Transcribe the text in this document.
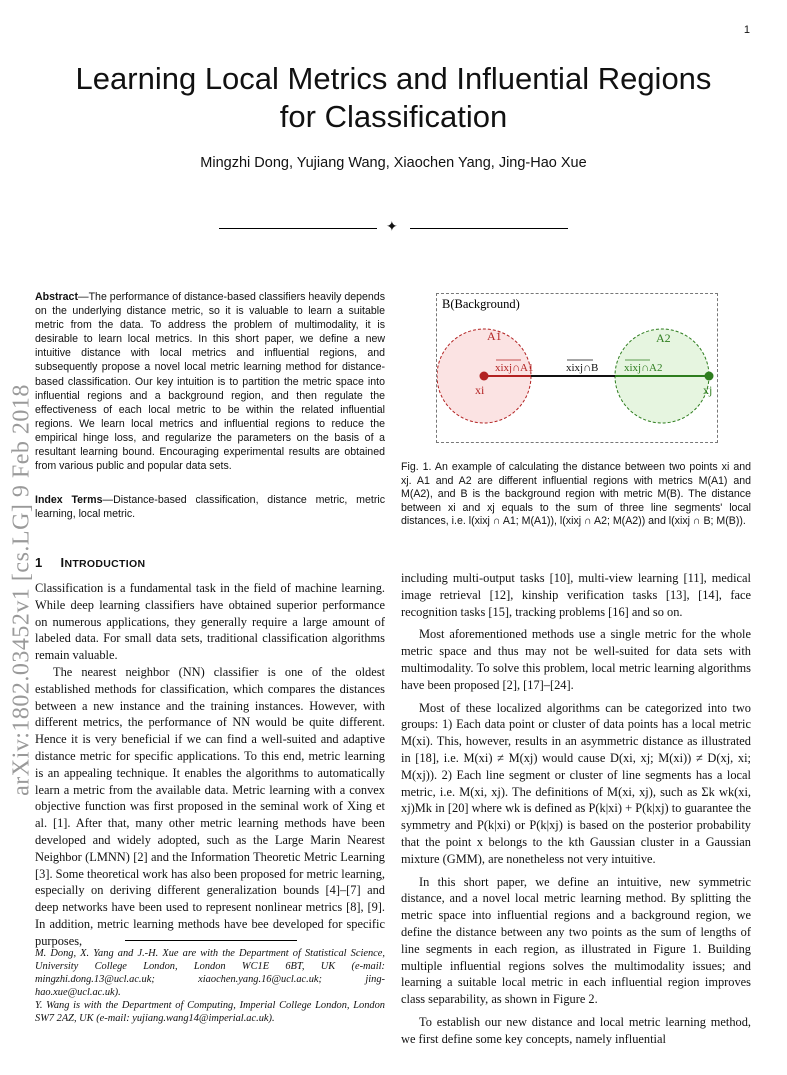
1
Learning Local Metrics and Influential Regions
for Classification
Mingzhi Dong, Yujiang Wang, Xiaochen Yang, Jing-Hao Xue
✦
arXiv:1802.03452v1 [cs.LG] 9 Feb 2018
Abstract—The performance of distance-based classifiers heavily depends on the underlying distance metric, so it is valuable to learn a suitable metric from the data. To address the problem of multimodality, it is desirable to learn local metrics. In this short paper, we define a new intuitive distance with local metrics and influential regions, and subsequently propose a novel local metric learning method for distance-based classification. Our key intuition is to partition the metric space into influential regions and a background region, and then regulate the effectiveness of each local metric to be within the related influential regions. We learn local metrics and influential regions to reduce the empirical hinge loss, and regularize the parameters on the basis of a resultant learning bound. Encouraging experimental results are obtained from various public and popular data sets.
Index Terms—Distance-based classification, distance metric, metric learning, local metric.
1 INTRODUCTION

Classification is a fundamental task in the field of machine learning. While deep learning classifiers have obtained superior performance on numerous applications, they generally require a large amount of labeled data. For small data sets, traditional classification algorithms remain valuable.

The nearest neighbor (NN) classifier is one of the oldest established methods for classification, which compares the distances between a new instance and the training instances. However, with different metrics, the performance of NN would be quite different. Hence it is very beneficial if we can find a well-suited and adaptive distance metric for specific applications. To this end, metric learning is an appealing technique. It enables the algorithms to automatically learn a metric from the available data. Metric learning with a convex objective function was first proposed in the seminal work of Xing et al. [1]. After that, many other metric learning methods have been developed and widely adopted, such as the Large Marin Nearest Neighbor (LMNN) [2] and the Information Theoretic Metric Learning [3]. Some theoretical work has also been proposed for metric learning, especially on deriving different generalization bounds [4]–[7] and deep networks have been used to represent nonlinear metrics [8], [9]. In addition, metric learning methods have bee developed for specific purposes,

M. Dong, X. Yang and J.-H. Xue are with the Department of Statistical Science, University College London, London WC1E 6BT, UK (e-mail: mingzhi.dong.13@ucl.ac.uk; xiaochen.yang.16@ucl.ac.uk; jing-hao.xue@ucl.ac.uk).

Y. Wang is with the Department of Computing, Imperial College London, London SW7 2AZ, UK (e-mail: yujiang.wang14@imperial.ac.uk).

B(Background)
A1	A2
xixj∩A1	xixj∩B xixj∩A2
xi	xj
Fig. 1. An example of calculating the distance between two points xi and xj. A1 and A2 are different influential regions with metrics M(A1) and M(A2), and B is the background region with metric M(B). The distance between xi and xj equals to the sum of three line segments' local distances, i.e. l(xixj ∩ A1; M(A1)), l(xixj ∩ A2; M(A2)) and l(xixj ∩ B; M(B)).

including multi-output tasks [10], multi-view learning [11], medical image retrieval [12], kinship verification tasks [13], [14], face recognition tasks [15], tracking problems [16] and so on.

Most aforementioned methods use a single metric for the whole metric space and thus may not be well-suited for data sets with multimodality. To solve this problem, local metric learning algorithms have been proposed [2], [17]–[24].

Most of these localized algorithms can be categorized into two groups: 1) Each data point or cluster of data points has a local metric M(xi). This, however, results in an asymmetric distance as illustrated in [18], i.e. M(xi) ≠ M(xj) would cause D(xi, xj; M(xi)) ≠ D(xj, xi; M(xj)). 2) Each line segment or cluster of line segments has a local metric, i.e. M(xi, xj). The definitions of M(xi, xj), such as Σk wk(xi, xj)Mk in [20] where wk is defined as P(k|xi) + P(k|xj) to guarantee the symmetry and P(k|xi) or P(k|xj) is based on the posterior probability that the point x belongs to the kth Gaussian cluster in a Gaussian mixture (GMM), are nonetheless not very intuitive.

In this short paper, we define an intuitive, new symmetric distance, and a novel local metric learning method. By splitting the metric space into influential regions and a background region, we define the distance between any two points as the sum of lengths of line segments in each region, as illustrated in Figure 1. Building multiple influential regions solves the multimodality issues; and learning a suitable local metric in each influential region improves class separability, as shown in Figure 2.

To establish our new distance and local metric learning method, we first define some key concepts, namely influential
